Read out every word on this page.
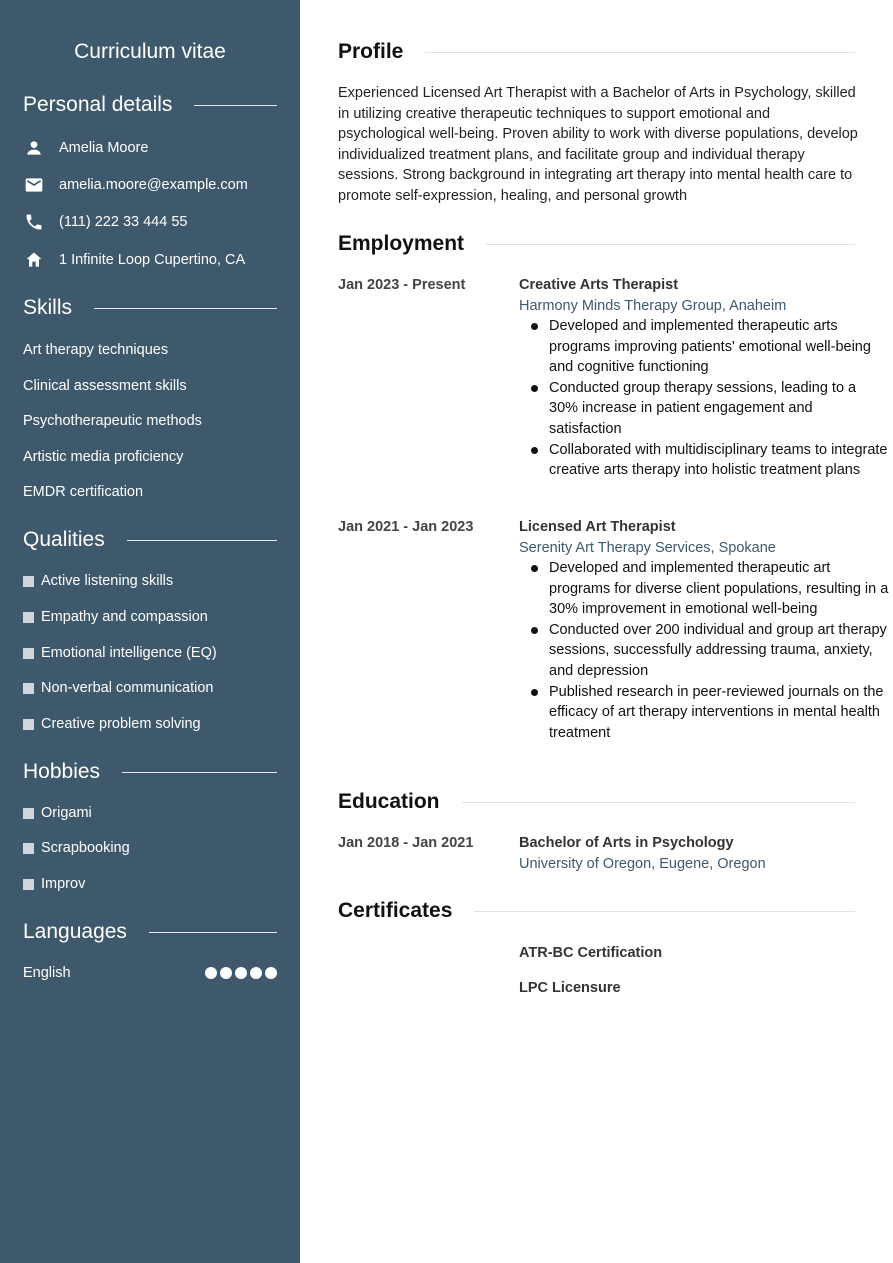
Curriculum vitae
Personal details
Amelia Moore
amelia.moore@example.com
(111) 222 33 444 55
1 Infinite Loop Cupertino, CA
Skills
Art therapy techniques
Clinical assessment skills
Psychotherapeutic methods
Artistic media proficiency
EMDR certification
Qualities
Active listening skills
Empathy and compassion
Emotional intelligence (EQ)
Non-verbal communication
Creative problem solving
Hobbies
Origami
Scrapbooking
Improv
Languages
English
Profile
Experienced Licensed Art Therapist with a Bachelor of Arts in Psychology, skilled in utilizing creative therapeutic techniques to support emotional and psychological well-being. Proven ability to work with diverse populations, develop individualized treatment plans, and facilitate group and individual therapy sessions. Strong background in integrating art therapy into mental health care to promote self-expression, healing, and personal growth
Employment
Jan 2023 - Present	Creative Arts Therapist
Harmony Minds Therapy Group, Anaheim
Developed and implemented therapeutic arts programs improving patients' emotional well-being and cognitive functioning
Conducted group therapy sessions, leading to a 30% increase in patient engagement and satisfaction
Collaborated with multidisciplinary teams to integrate creative arts therapy into holistic treatment plans
Jan 2021 - Jan 2023	Licensed Art Therapist
Serenity Art Therapy Services, Spokane
Developed and implemented therapeutic art programs for diverse client populations, resulting in a 30% improvement in emotional well-being
Conducted over 200 individual and group art therapy sessions, successfully addressing trauma, anxiety, and depression
Published research in peer-reviewed journals on the efficacy of art therapy interventions in mental health treatment
Education
Jan 2018 - Jan 2021	Bachelor of Arts in Psychology
University of Oregon, Eugene, Oregon
Certificates
ATR-BC Certification
LPC Licensure
